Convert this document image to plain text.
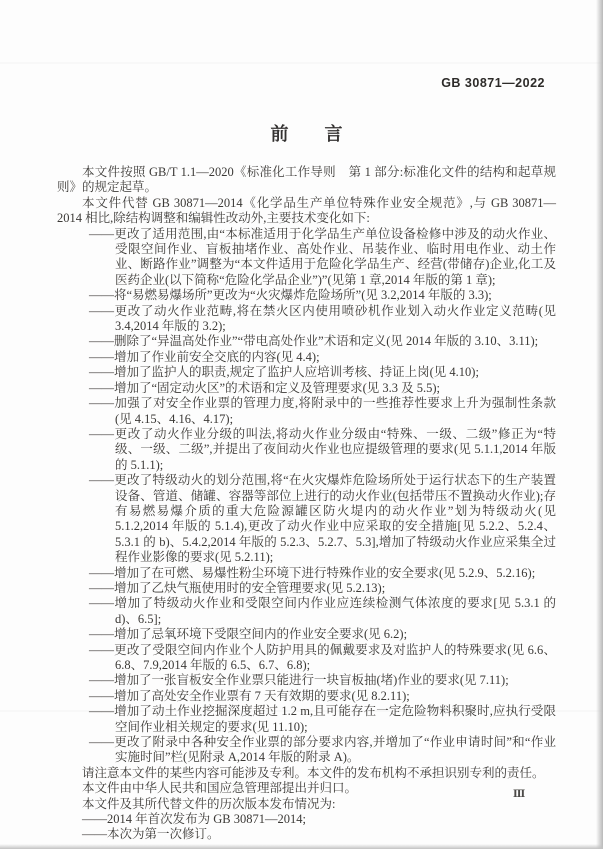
GB 30871—2022
前　　言

本文件按照 GB/T 1.1—2020《标准化工作导则　第 1 部分:标准化文件的结构和起草规则》的规定起草。

本文件代替 GB 30871—2014《化学品生产单位特殊作业安全规范》,与 GB 30871—2014 相比,除结构调整和编辑性改动外,主要技术变化如下:

——更改了适用范围,由“本标准适用于化学品生产单位设备检修中涉及的动火作业、受限空间作业、盲板抽堵作业、高处作业、吊装作业、临时用电作业、动土作业、断路作业”调整为“本文件适用于危险化学品生产、经营(带储存)企业,化工及医药企业(以下简称“危险化学品企业”)”(见第 1 章,2014 年版的第 1 章);

——将“易燃易爆场所”更改为“火灾爆炸危险场所”(见 3.2,2014 年版的 3.3);

——更改了动火作业范畴,将在禁火区内使用喷砂机作业划入动火作业定义范畴(见 3.4,2014 年版的 3.2);

——删除了“异温高处作业”“带电高处作业”术语和定义(见 2014 年版的 3.10、3.11);

——增加了作业前安全交底的内容(见 4.4);

——增加了监护人的职责,规定了监护人应培训考核、持证上岗(见 4.10);

——增加了“固定动火区”的术语和定义及管理要求(见 3.3 及 5.5);

——加强了对安全作业票的管理力度,将附录中的一些推荐性要求上升为强制性条款(见 4.15、4.16、4.17);

——更改了动火作业分级的叫法,将动火作业分级由“特殊、一级、二级”修正为“特级、一级、二级”,并提出了夜间动火作业也应提级管理的要求(见 5.1.1,2014 年版的 5.1.1);

——更改了特级动火的划分范围,将“在火灾爆炸危险场所处于运行状态下的生产装置设备、管道、储罐、容器等部位上进行的动火作业(包括带压不置换动火作业);存有易燃易爆介质的重大危险源罐区防火堤内的动火作业”划为特级动火(见 5.1.2,2014 年版的 5.1.4),更改了动火作业中应采取的安全措施[见 5.2.2、5.2.4、5.3.1 的 b)、5.4.2,2014 年版的 5.2.3、5.2.7、5.3],增加了特级动火作业应采集全过程作业影像的要求(见 5.2.11);

——增加了在可燃、易爆性粉尘环境下进行特殊作业的安全要求(见 5.2.9、5.2.16);

——增加了乙炔气瓶使用时的安全管理要求(见 5.2.13);

——增加了特级动火作业和受限空间内作业应连续检测气体浓度的要求[见 5.3.1 的 d)、6.5];

——增加了忌氧环境下受限空间内的作业安全要求(见 6.2);

——更改了受限空间内作业个人防护用具的佩戴要求及对监护人的特殊要求(见 6.6、6.8、7.9,2014 年版的 6.5、6.7、6.8);

——增加了一张盲板安全作业票只能进行一块盲板抽(堵)作业的要求(见 7.11);

——增加了高处安全作业票有 7 天有效期的要求(见 8.2.11);

——增加了动土作业挖掘深度超过 1.2 m,且可能存在一定危险物料积聚时,应执行受限空间作业相关规定的要求(见 11.10);

——更改了附录中各种安全作业票的部分要求内容,并增加了“作业申请时间”和“作业实施时间”栏(见附录 A,2014 年版的附录 A)。

请注意本文件的某些内容可能涉及专利。本文件的发布机构不承担识别专利的责任。

本文件由中华人民共和国应急管理部提出并归口。

本文件及其所代替文件的历次版本发布情况为:

——2014 年首次发布为 GB 30871—2014;

——本次为第一次修订。

Ⅲ
